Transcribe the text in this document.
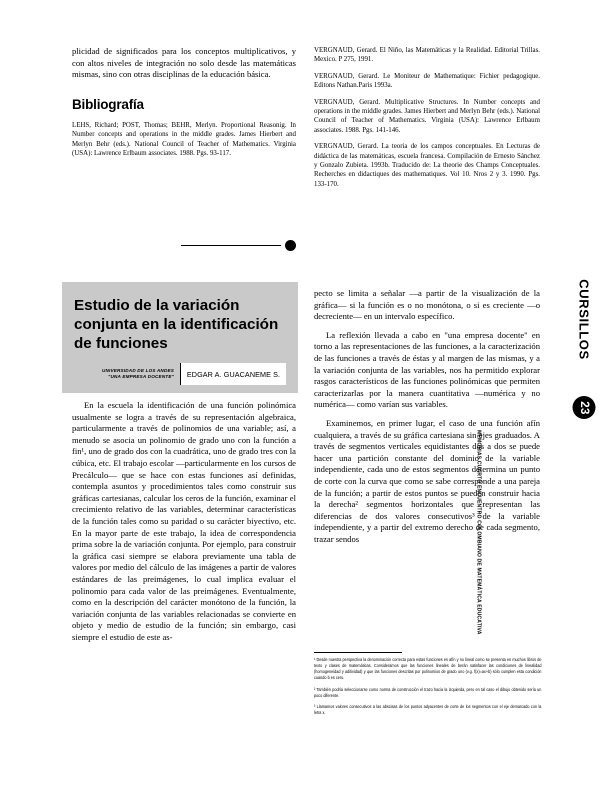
plicidad de significados para los conceptos multiplicativos, y con altos niveles de integración no solo desde las matemáticas mismas, sino con otras disciplinas de la educación básica.

Bibliografía

LEHS, Richard; POST, Thomas; BEHR, Merlyn. Proportional Reasonig. In Number concepts and operations in the middle grades. James Hierbert and Merlyn Behr (eds.). National Council of Teacher of Mathematics. Virginia (USA): Lawrence Erlbaum associates. 1988. Pgs. 93-117.

VERGNAUD, Gerard. El Niño, las Matemáticas y la Realidad. Editorial Trillas. Mexico. P 275, 1991.

VERGNAUD, Gerard. Le Moniteur de Mathematique: Fichier pedagogique. Editons Nathan.Paris 1993a.

VERGNAUD, Gerard. Multiplicative Structures. In Number concepts and operations in the middle grades. James Hierbert and Merlyn Behr (eds.). National Council of Teacher of Mathematics. Virginia (USA): Lawrence Erlbaum associates. 1988. Pgs. 141-146.

VERGNAUD, Gerard. La teoria de los campos conceptuales. En Lecturas de didáctica de las matemáticas, escuela francesa. Compilación de Ernesto Sánchez y Gonzalo Zubieta. 1993b. Traducido de: La theorie des Champs Conceptuales. Recherches en didactiques des mathematiques. Vol 10. Nros 2 y 3. 1990. Pgs. 133-170.

Estudio de la variación conjunta en la identificación de funciones
UNIVERSIDAD DE LOS ANDES
"UNA EMPRESA DOCENTE"	EDGAR A. GUACANEME S.

En la escuela la identificación de una función polinómica usualmente se logra a través de su representación algebraica, particularmente a través de polinomios de una variable; así, a menudo se asocia un polinomio de grado uno con la función a fin¹, uno de grado dos con la cuadrática, uno de grado tres con la cúbica, etc. El trabajo escolar —particularmente en los cursos de Precálculo— que se hace con estas funciones así definidas, contempla asuntos y procedimientos tales como construir sus gráficas cartesianas, calcular los ceros de la función, examinar el crecimiento relativo de las variables, determinar características de la función tales como su paridad o su carácter biyectivo, etc. En la mayor parte de este trabajo, la idea de correspondencia prima sobre la de variación conjunta. Por ejemplo, para construir la gráfica casi siempre se elabora previamente una tabla de valores por medio del cálculo de las imágenes a partir de valores estándares de las preimágenes, lo cual implica evaluar el polinomio para cada valor de las preimágenes. Eventualmente, como en la descripción del carácter monótono de la función, la variación conjunta de las variables relacionadas se convierte en objeto y medio de estudio de la función; sin embargo, casi siempre el estudio de este as-

pecto se limita a señalar —a partir de la visualización de la gráfica— si la función es o no monótona, o si es creciente —o decreciente— en un intervalo específico.

La reflexión llevada a cabo en "una empresa docente" en torno a las representaciones de las funciones, a la caracterización de las funciones a través de éstas y al margen de las mismas, y a la variación conjunta de las variables, nos ha permitido explorar rasgos característicos de las funciones polinómicas que permiten caracterizarlas por la manera cuantitativa —numérica y no numérica— como varían sus variables.

Examinemos, en primer lugar, el caso de una función afín cualquiera, a través de su gráfica cartesiana sin ejes graduados. A través de segmentos verticales equidistantes dos a dos se puede hacer una partición constante del dominio de la variable independiente, cada uno de estos segmentos determina un punto de corte con la curva que como se sabe corresponde a una pareja de la función; a partir de estos puntos se pueden construir hacia la derecha² segmentos horizontales que representan las diferencias de dos valores consecutivos³ de la variable independiente, y a partir del extremo derecho de cada segmento, trazar sendos

¹ Desde nuestra perspectiva la denominación correcta para estas funciones es afín y no lineal como se presenta en muchos libros de texto y clases de matemáticas. Consideramos que las funciones lineales de berán satisfacer las condiciones de linealidad (homogeneidad y aditividad) y que las funciones descritas por polinomios de grado uno (v.g. f(x)=ax+b) sólo cumplen esta condición cuando b es cero.

² También podría seleccionarse como norma de construcción el trazo hacia la izquierda, pero en tal caso el dibujo obtenido sería un poco diferente.

³ Llamamos valores consecutivos a las abscisas de los puntos adyacentes de corte de los segmentos con el eje demarcado con la letra x.

CURSILLOS
23
MEMORIAS CUARTO ENCUENTRO COLOMBIANO DE MATEMÁTICA EDUCATIVA
